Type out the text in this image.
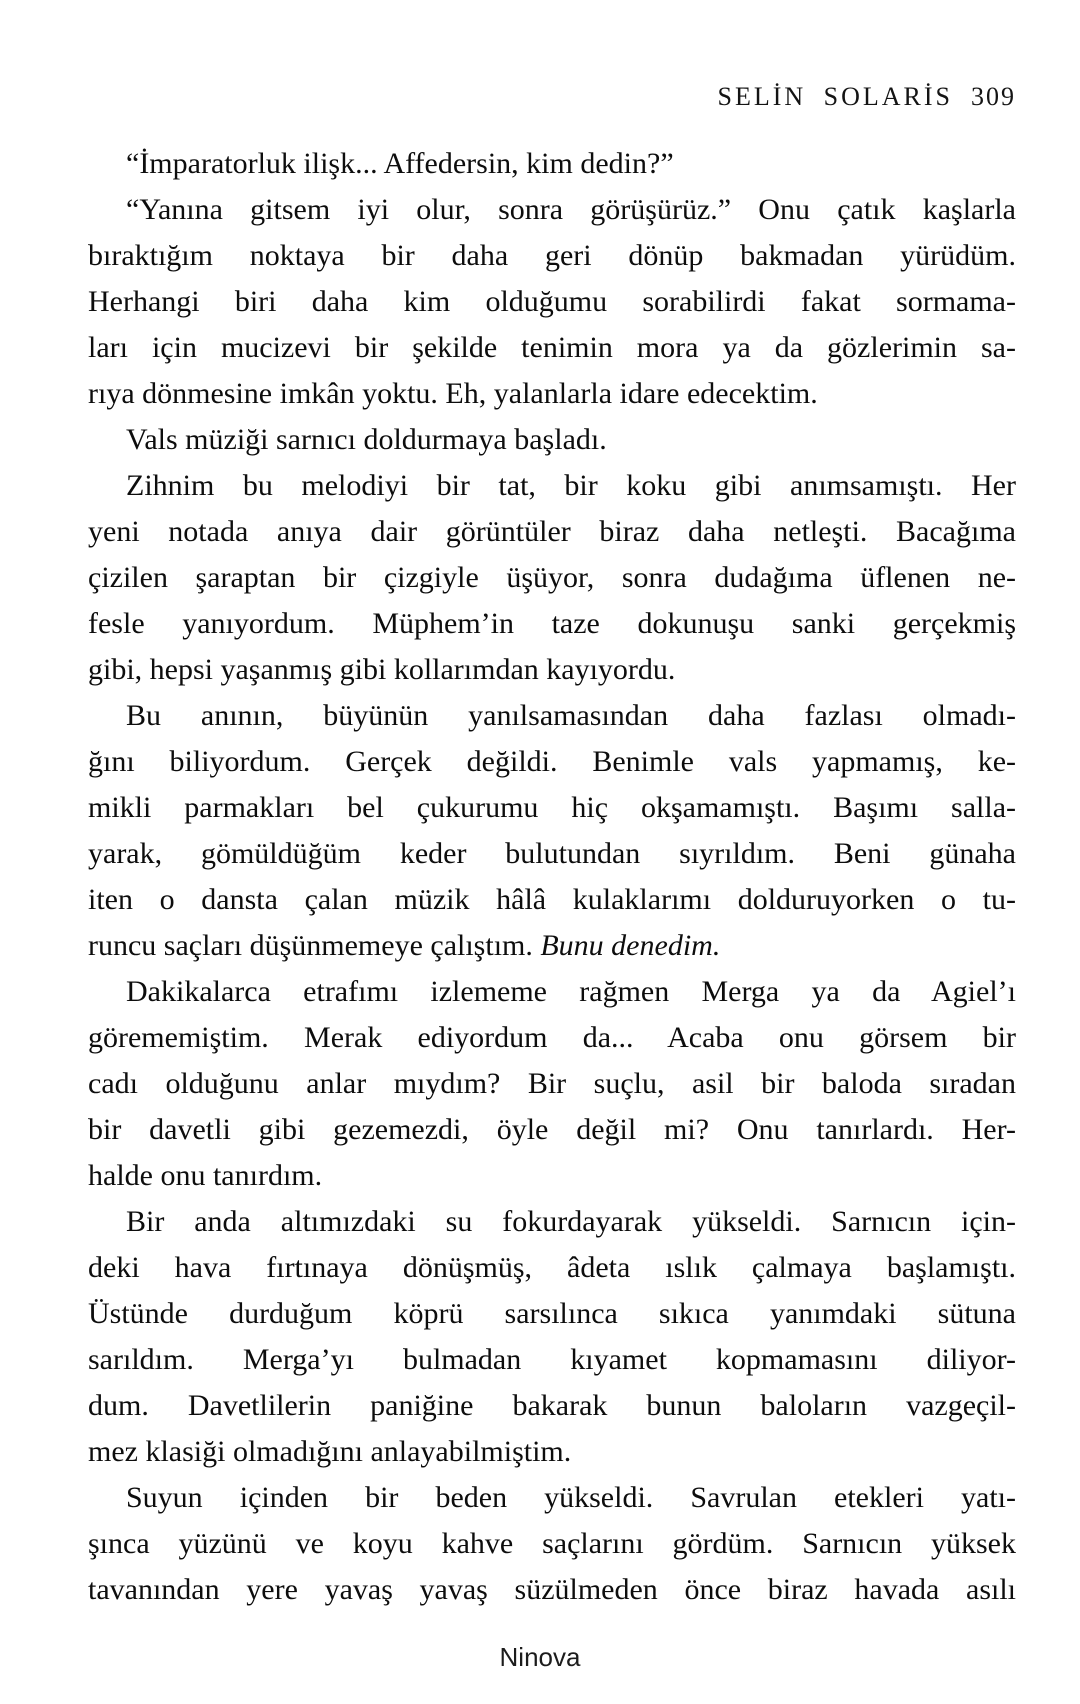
SELİN SOLARİS 309
“İmparatorluk ilişk... Affedersin, kim dedin?”
“Yanına gitsem iyi olur, sonra görüşürüz.” Onu çatık kaşlarla
bıraktığım noktaya bir daha geri dönüp bakmadan yürüdüm.
Herhangi biri daha kim olduğumu sorabilirdi fakat sormama-
ları için mucizevi bir şekilde tenimin mora ya da gözlerimin sa-
rıya dönmesine imkân yoktu. Eh, yalanlarla idare edecektim.
Vals müziği sarnıcı doldurmaya başladı.
Zihnim bu melodiyi bir tat, bir koku gibi anımsamıştı. Her
yeni notada anıya dair görüntüler biraz daha netleşti. Bacağıma
çizilen şaraptan bir çizgiyle üşüyor, sonra dudağıma üflenen ne-
fesle yanıyordum. Müphem’in taze dokunuşu sanki gerçekmiş
gibi, hepsi yaşanmış gibi kollarımdan kayıyordu.
Bu anının, büyünün yanılsamasından daha fazlası olmadı-
ğını biliyordum. Gerçek değildi. Benimle vals yapmamış, ke-
mikli parmakları bel çukurumu hiç okşamamıştı. Başımı salla-
yarak, gömüldüğüm keder bulutundan sıyrıldım. Beni günaha
iten o dansta çalan müzik hâlâ kulaklarımı dolduruyorken o tu-
runcu saçları düşünmemeye çalıştım. Bunu denedim.
Dakikalarca etrafımı izlememe rağmen Merga ya da Agiel’ı
görememiştim. Merak ediyordum da... Acaba onu görsem bir
cadı olduğunu anlar mıydım? Bir suçlu, asil bir baloda sıradan
bir davetli gibi gezemezdi, öyle değil mi? Onu tanırlardı. Her-
halde onu tanırdım.
Bir anda altımızdaki su fokurdayarak yükseldi. Sarnıcın için-
deki hava fırtınaya dönüşmüş, âdeta ıslık çalmaya başlamıştı.
Üstünde durduğum köprü sarsılınca sıkıca yanımdaki sütuna
sarıldım. Merga’yı bulmadan kıyamet kopmamasını diliyor-
dum. Davetlilerin paniğine bakarak bunun baloların vazgeçil-
mez klasiği olmadığını anlayabilmiştim.
Suyun içinden bir beden yükseldi. Savrulan etekleri yatı-
şınca yüzünü ve koyu kahve saçlarını gördüm. Sarnıcın yüksek
tavanından yere yavaş yavaş süzülmeden önce biraz havada asılı
Ninova
